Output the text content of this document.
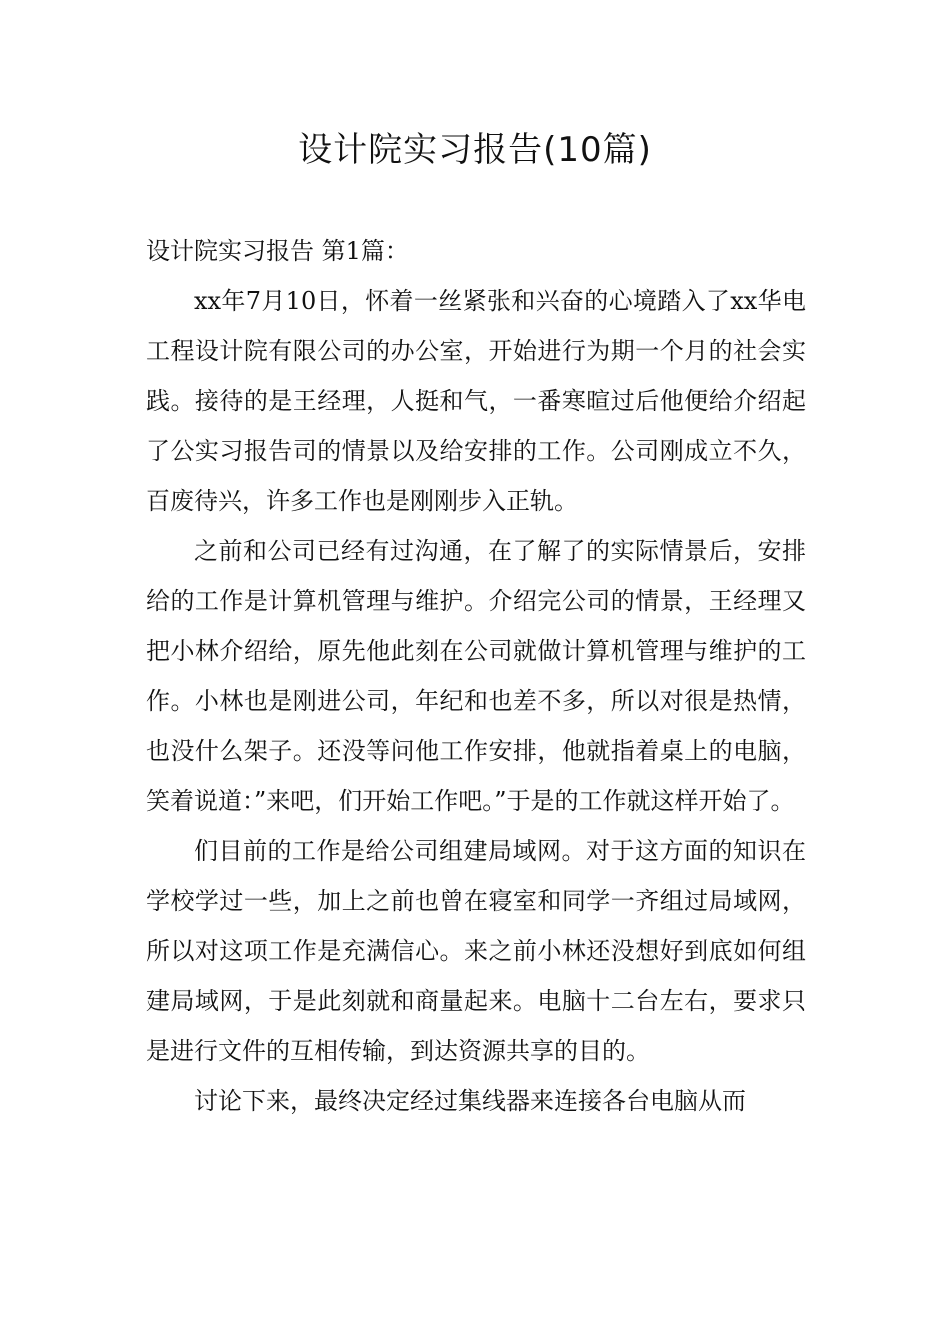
设计院实习报告(10篇)
设计院实习报告 第1篇：

xx年7月10日，怀着一丝紧张和兴奋的心境踏入了xx华电工程设计院有限公司的办公室，开始进行为期一个月的社会实践。接待的是王经理，人挺和气，一番寒暄过后他便给介绍起了公实习报告司的情景以及给安排的工作。公司刚成立不久，百废待兴，许多工作也是刚刚步入正轨。

之前和公司已经有过沟通，在了解了的实际情景后，安排给的工作是计算机管理与维护。介绍完公司的情景，王经理又把小林介绍给，原先他此刻在公司就做计算机管理与维护的工作。小林也是刚进公司，年纪和也差不多，所以对很是热情，也没什么架子。还没等问他工作安排，他就指着桌上的电脑，笑着说道：”来吧，们开始工作吧。”于是的工作就这样开始了。

们目前的工作是给公司组建局域网。对于这方面的知识在学校学过一些，加上之前也曾在寝室和同学一齐组过局域网，所以对这项工作是充满信心。来之前小林还没想好到底如何组建局域网，于是此刻就和商量起来。电脑十二台左右，要求只是进行文件的互相传输，到达资源共享的目的。

讨论下来，最终决定经过集线器来连接各台电脑从而
